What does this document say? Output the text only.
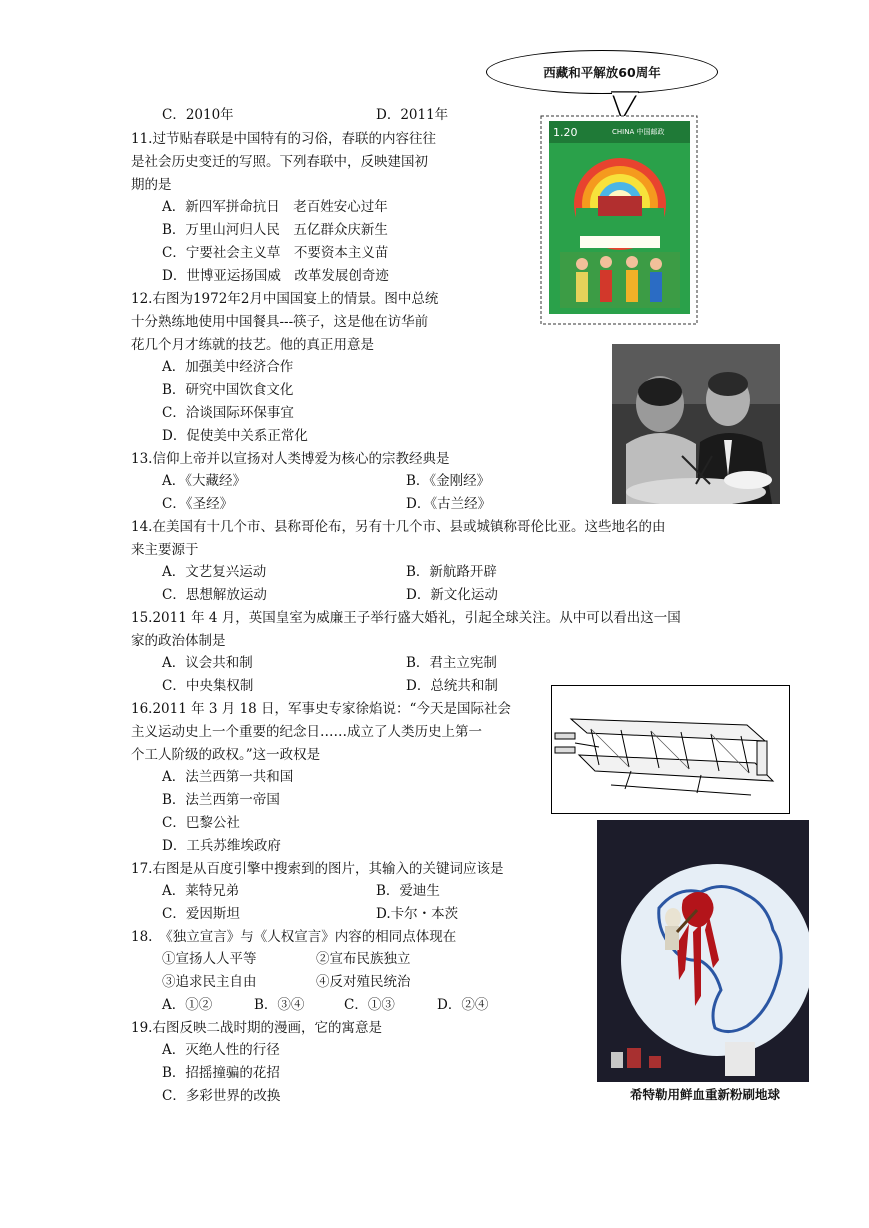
西藏和平解放60周年
1.20	CHINA 中国邮政
希特勒用鲜血重新粉刷地球
C．2010年	D．2011年
11.过节贴春联是中国特有的习俗，春联的内容往往
是社会历史变迁的写照。下列春联中，反映建国初
期的是
A．新四军拼命抗日　老百姓安心过年
B．万里山河归人民　五亿群众庆新生
C．宁要社会主义草　不要资本主义苗
D．世博亚运扬国威　改革发展创奇迹
12.右图为1972年2月中国国宴上的情景。图中总统
十分熟练地使用中国餐具---筷子，这是他在访华前
花几个月才练就的技艺。他的真正用意是
A．加强美中经济合作
B．研究中国饮食文化
C．洽谈国际环保事宜
D．促使美中关系正常化
13.信仰上帝并以宣扬对人类博爱为核心的宗教经典是
A．《大藏经》	B．《金刚经》
C．《圣经》	D．《古兰经》
14.在美国有十几个市、县称哥伦布，另有十几个市、县或城镇称哥伦比亚。这些地名的由
来主要源于
A．文艺复兴运动	B．新航路开辟
C．思想解放运动	D．新文化运动
15.2011 年 4 月，英国皇室为威廉王子举行盛大婚礼，引起全球关注。从中可以看出这一国
家的政治体制是
A．议会共和制	B．君主立宪制
C．中央集权制	D．总统共和制
16.2011 年 3 月 18 日，军事史专家徐焰说：“今天是国际社会
主义运动史上一个重要的纪念日……成立了人类历史上第一
个工人阶级的政权。”这一政权是
A．法兰西第一共和国
B．法兰西第一帝国
C．巴黎公社
D．工兵苏维埃政府
17.右图是从百度引擎中搜索到的图片，其输入的关键词应该是
A．莱特兄弟	B．爱迪生
C．爱因斯坦	D.卡尔・本茨
18.　《独立宣言》与《人权宣言》内容的相同点体现在
①宣扬人人平等	②宣布民族独立
③追求民主自由	④反对殖民统治
A．①②	B．③④	C．①③	D．②④
19.右图反映二战时期的漫画，它的寓意是
A．灭绝人性的行径
B．招摇撞骗的花招
C．多彩世界的改换
